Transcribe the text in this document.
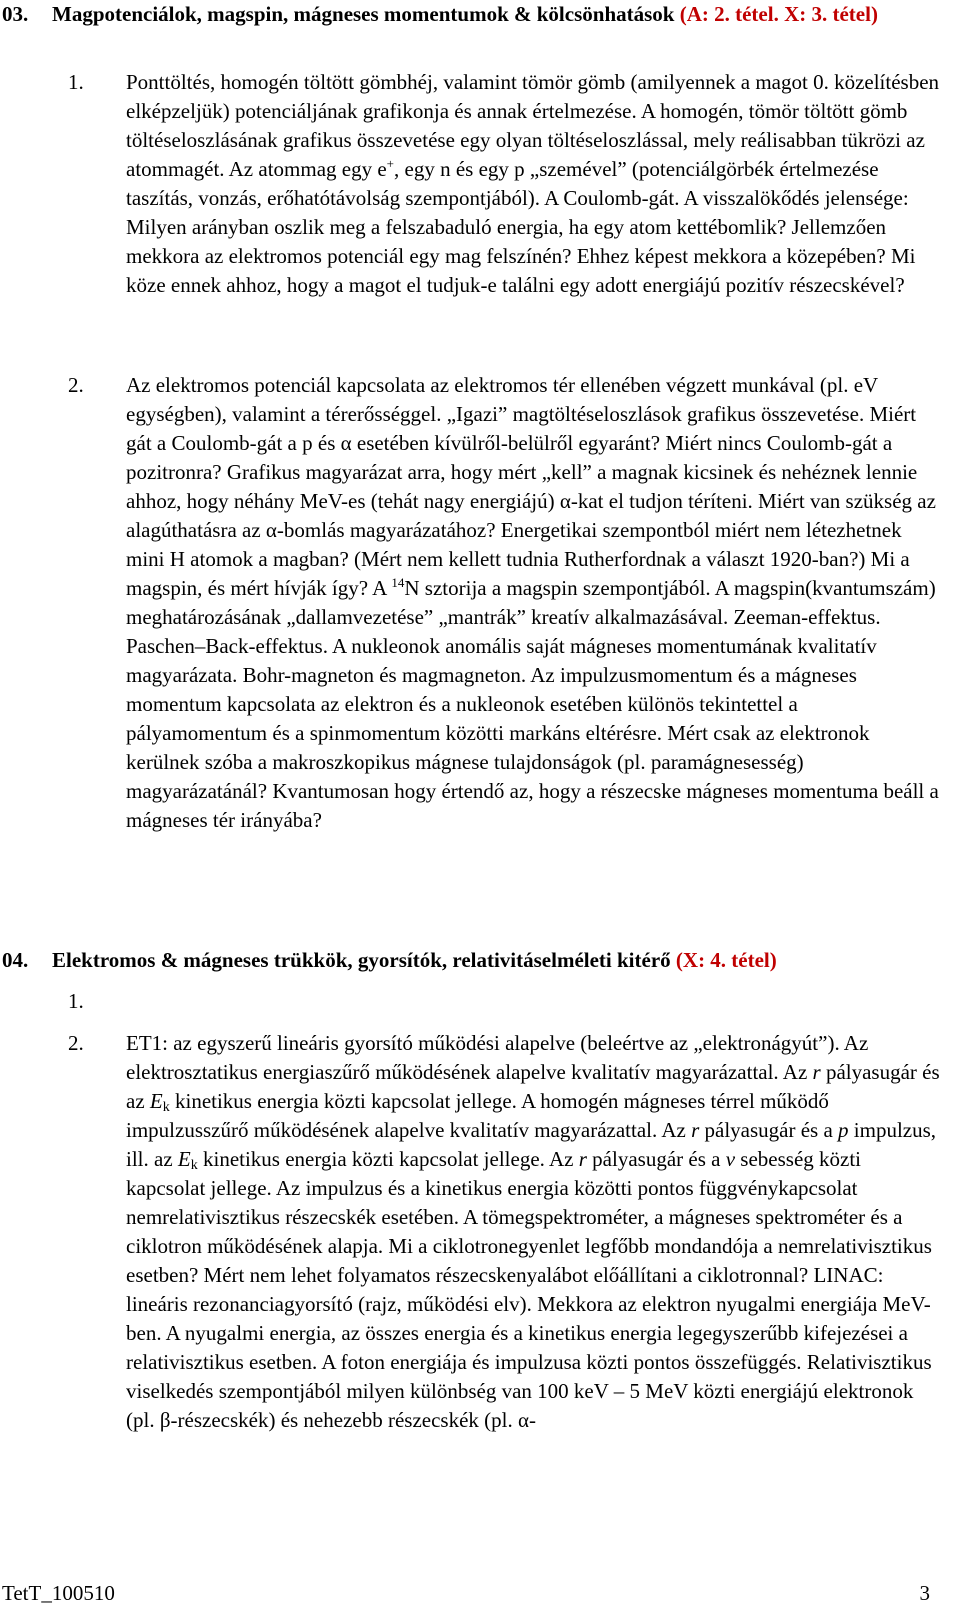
03. Magpotenciálok, magspin, mágneses momentumok & kölcsönhatások (A: 2. tétel. X: 3. tétel)
1. Ponttöltés, homogén töltött gömbhéj, valamint tömör gömb (amilyennek a magot 0. közelítésben elképzeljük) potenciáljának grafikonja és annak értelmezése. A homogén, tömör töltött gömb töltéseloszlásának grafikus összevetése egy olyan töltéseloszlással, mely reálisabban tükrözi az atommagét. Az atommag egy e+, egy n és egy p „szemével” (potenciálgörbék értelmezése taszítás, vonzás, erőhatótávolság szempontjából). A Coulomb-gát. A visszalökődés jelensége: Milyen arányban oszlik meg a felszabaduló energia, ha egy atom kettébomlik? Jellemzően mekkora az elektromos potenciál egy mag felszínén? Ehhez képest mekkora a közepében? Mi köze ennek ahhoz, hogy a magot el tudjuk-e találni egy adott energiájú pozitív részecskével?
2. Az elektromos potenciál kapcsolata az elektromos tér ellenében végzett munkával (pl. eV egységben), valamint a térerősséggel. „Igazi” magtöltéseloszlások grafikus összevetése. Miért gát a Coulomb-gát a p és α esetében kívülről-belülről egyaránt? Miért nincs Coulomb-gát a pozitronra? Grafikus magyarázat arra, hogy mért „kell” a magnak kicsinek és nehéznek lennie ahhoz, hogy néhány MeV-es (tehát nagy energiájú) α-kat el tudjon téríteni. Miért van szükség az alagúthatásra az α-bomlás magyarázatához? Energetikai szempontból miért nem létezhetnek mini H atomok a magban? (Mért nem kellett tudnia Rutherfordnak a választ 1920-ban?) Mi a magspin, és mért hívják így? A $^{14}$N sztorija a magspin szempontjából. A magspin(kvantumszám) meghatározásának „dallamvezetése” „mantrák” kreatív alkalmazásával. Zeeman-effektus. Paschen–Back-effektus. A nukleonok anomális saját mágneses momentumának kvalitatív magyarázata. Bohr-magneton és magmagneton. Az impulzusmomentum és a mágneses momentum kapcsolata az elektron és a nukleonok esetében különös tekintettel a pályamomentum és a spinmomentum közötti markáns eltérésre. Mért csak az elektronok kerülnek szóba a makroszkopikus mágnese tulajdonságok (pl. paramágnesesség) magyarázatánál? Kvantumosan hogy értendő az, hogy a részecske mágneses momentuma beáll a mágneses tér irányába?
04. Elektromos & mágneses trükkök, gyorsítók, relativitáselméleti kitérő (X: 4. tétel)
1.
2. ET1: az egyszerű lineáris gyorsító működési alapelve (beleértve az „elektronágyút”). Az elektrosztatikus energiaszűrő működésének alapelve kvalitatív magyarázattal. Az r pályasugár és az $E_k$ kinetikus energia közti kapcsolat jellege. A homogén mágneses térrel működő impulzusszűrő működésének alapelve kvalitatív magyarázattal. Az r pályasugár és a p impulzus, ill. az $E_k$ kinetikus energia közti kapcsolat jellege. Az r pályasugár és a v sebesség közti kapcsolat jellege. Az impulzus és a kinetikus energia közötti pontos függvénykapcsolat nemrelativisztikus részecskék esetében. A tömegspektrométer, a mágneses spektrométer és a ciklotron működésének alapja. Mi a ciklotronegyenlet legfőbb mondandója a nemrelativisztikus esetben? Mért nem lehet folyamatos részecskenyalábot előállítani a ciklotronnal? LINAC: lineáris rezonanciagyorsító (rajz, működési elv). Mekkora az elektron nyugalmi energiája MeV-ben. A nyugalmi energia, az összes energia és a kinetikus energia legegyszerűbb kifejezései a relativisztikus esetben. A foton energiája és impulzusa közti pontos összefüggés. Relativisztikus viselkedés szempontjából milyen különbség van 100 keV – 5 MeV közti energiájú elektronok (pl. β-részecskék) és nehezebb részecskék (pl. α-
TetT_100510	3
